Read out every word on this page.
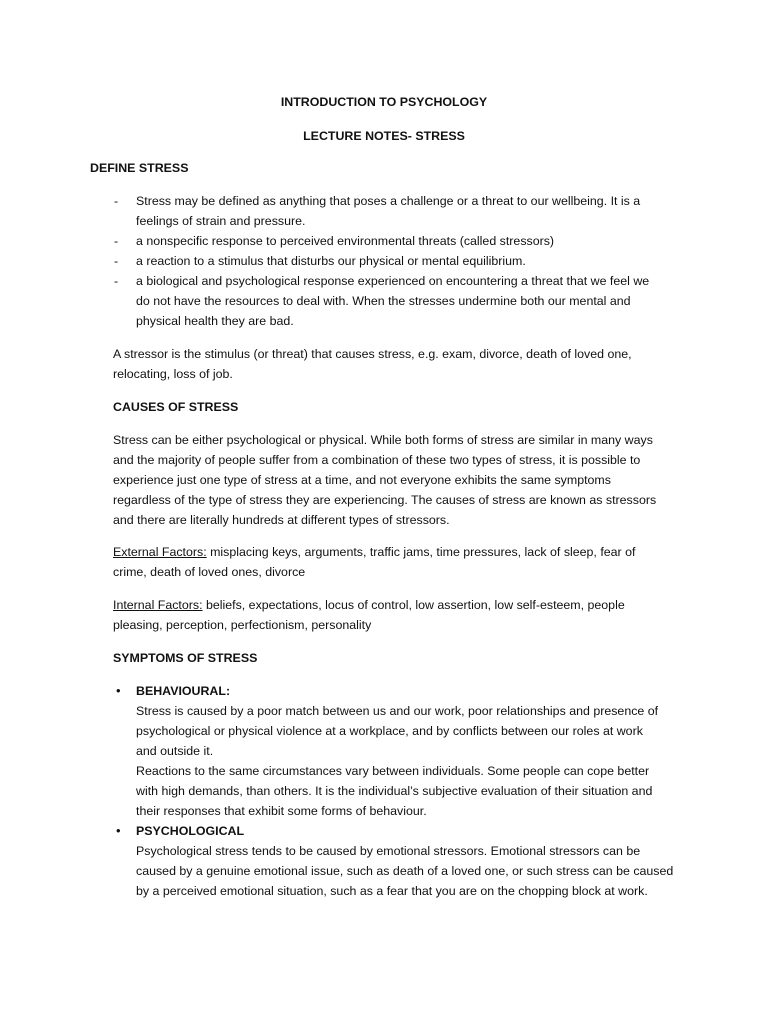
INTRODUCTION TO PSYCHOLOGY
LECTURE NOTES- STRESS
DEFINE STRESS
- Stress may be defined as anything that poses a challenge or a threat to our wellbeing. It is a
feelings of strain and pressure.
- a nonspecific response to perceived environmental threats (called stressors)
- a reaction to a stimulus that disturbs our physical or mental equilibrium.
- a biological and psychological response experienced on encountering a threat that we feel we
do not have the resources to deal with. When the stresses undermine both our mental and
physical health they are bad.
A stressor is the stimulus (or threat) that causes stress, e.g. exam, divorce, death of loved one,
relocating, loss of job.
CAUSES OF STRESS
Stress can be either psychological or physical. While both forms of stress are similar in many ways
and the majority of people suffer from a combination of these two types of stress, it is possible to
experience just one type of stress at a time, and not everyone exhibits the same symptoms
regardless of the type of stress they are experiencing. The causes of stress are known as stressors
and there are literally hundreds at different types of stressors.
External Factors: misplacing keys, arguments, traffic jams, time pressures, lack of sleep, fear of
crime, death of loved ones, divorce
Internal Factors: beliefs, expectations, locus of control, low assertion, low self-esteem, people
pleasing, perception, perfectionism, personality
SYMPTOMS OF STRESS
• BEHAVIOURAL:
Stress is caused by a poor match between us and our work, poor relationships and presence of
psychological or physical violence at a workplace, and by conflicts between our roles at work
and outside it.
Reactions to the same circumstances vary between individuals. Some people can cope better
with high demands, than others. It is the individual’s subjective evaluation of their situation and
their responses that exhibit some forms of behaviour.
• PSYCHOLOGICAL
Psychological stress tends to be caused by emotional stressors. Emotional stressors can be
caused by a genuine emotional issue, such as death of a loved one, or such stress can be caused
by a perceived emotional situation, such as a fear that you are on the chopping block at work.
